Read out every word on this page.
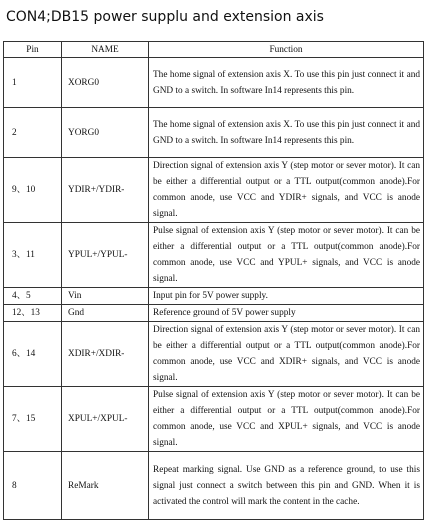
CON4;DB15 power supplu and extension axis
Pin	NAME	Function
1	XORG0	The home signal of extension axis X. To use this pin just connect it and GND to a switch. In software In14 represents this pin.
2	YORG0	The home signal of extension axis X. To use this pin just connect it and GND to a switch. In software In14 represents this pin.
9、10	YDIR+/YDIR-	Direction signal of extension axis Y (step motor or sever motor). It can be either a differential output or a TTL output(common anode).For common anode, use VCC and YDIR+ signals, and VCC is anode signal.
3、11	YPUL+/YPUL-	Pulse signal of extension axis Y (step motor or sever motor). It can be either a differential output or a TTL output(common anode).For common anode, use VCC and YPUL+ signals, and VCC is anode signal.
4、5	Vin	Input pin for 5V power supply.
12、13	Gnd	Reference ground of 5V power supply
6、14	XDIR+/XDIR-	Direction signal of extension axis Y (step motor or sever motor). It can be either a differential output or a TTL output(common anode).For common anode, use VCC and XDIR+ signals, and VCC is anode signal.
7、15	XPUL+/XPUL-	Pulse signal of extension axis Y (step motor or sever motor). It can be either a differential output or a TTL output(common anode).For common anode, use VCC and XPUL+ signals, and VCC is anode signal.
8	ReMark	Repeat marking signal. Use GND as a reference ground, to use this signal just connect a switch between this pin and GND. When it is activated the control will mark the content in the cache.
